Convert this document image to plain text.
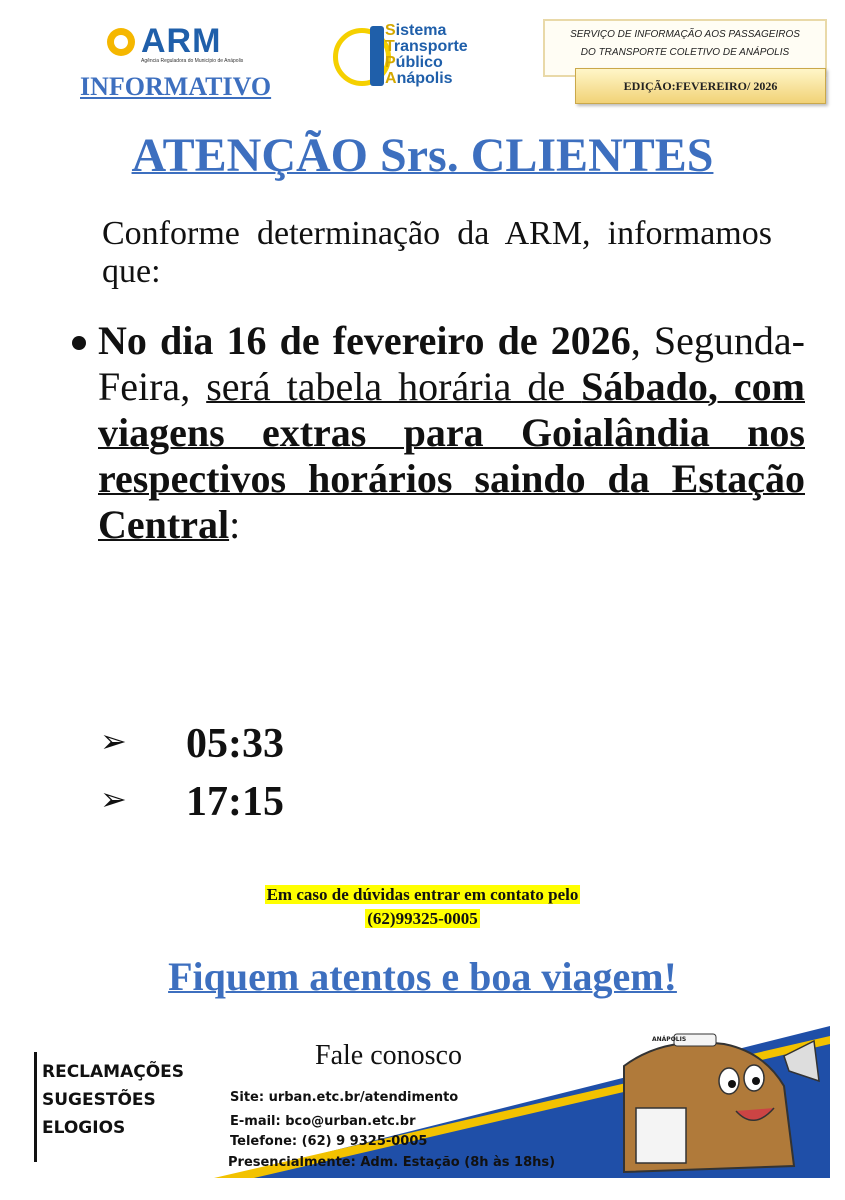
ARM
Agência Reguladora do Município de Anápolis
INFORMATIVO
Sistema
Transporte
Público
Anápolis
SERVIÇO DE INFORMAÇÃO AOS PASSAGEIROS
DO TRANSPORTE COLETIVO DE ANÁPOLIS
EDIÇÃO:FEVEREIRO/ 2026
ATENÇÃO Srs. CLIENTES
Conforme determinação da ARM, informamos que:
No dia 16 de fevereiro de 2026, Segunda-Feira, será tabela horária de Sábado, com viagens extras para Goialândia nos respectivos horários saindo da Estação Central:
➢ 05:33
➢ 17:15
Em caso de dúvidas entrar em contato pelo
(62)99325-0005
Fiquem atentos e boa viagem!
ANÁPOLIS
RECLAMAÇÕES
SUGESTÕES
ELOGIOS
Fale conosco
Site: urban.etc.br/atendimento
E-mail: bco@urban.etc.br
Telefone: (62) 9 9325-0005
Presencialmente: Adm. Estação (8h às 18hs)
